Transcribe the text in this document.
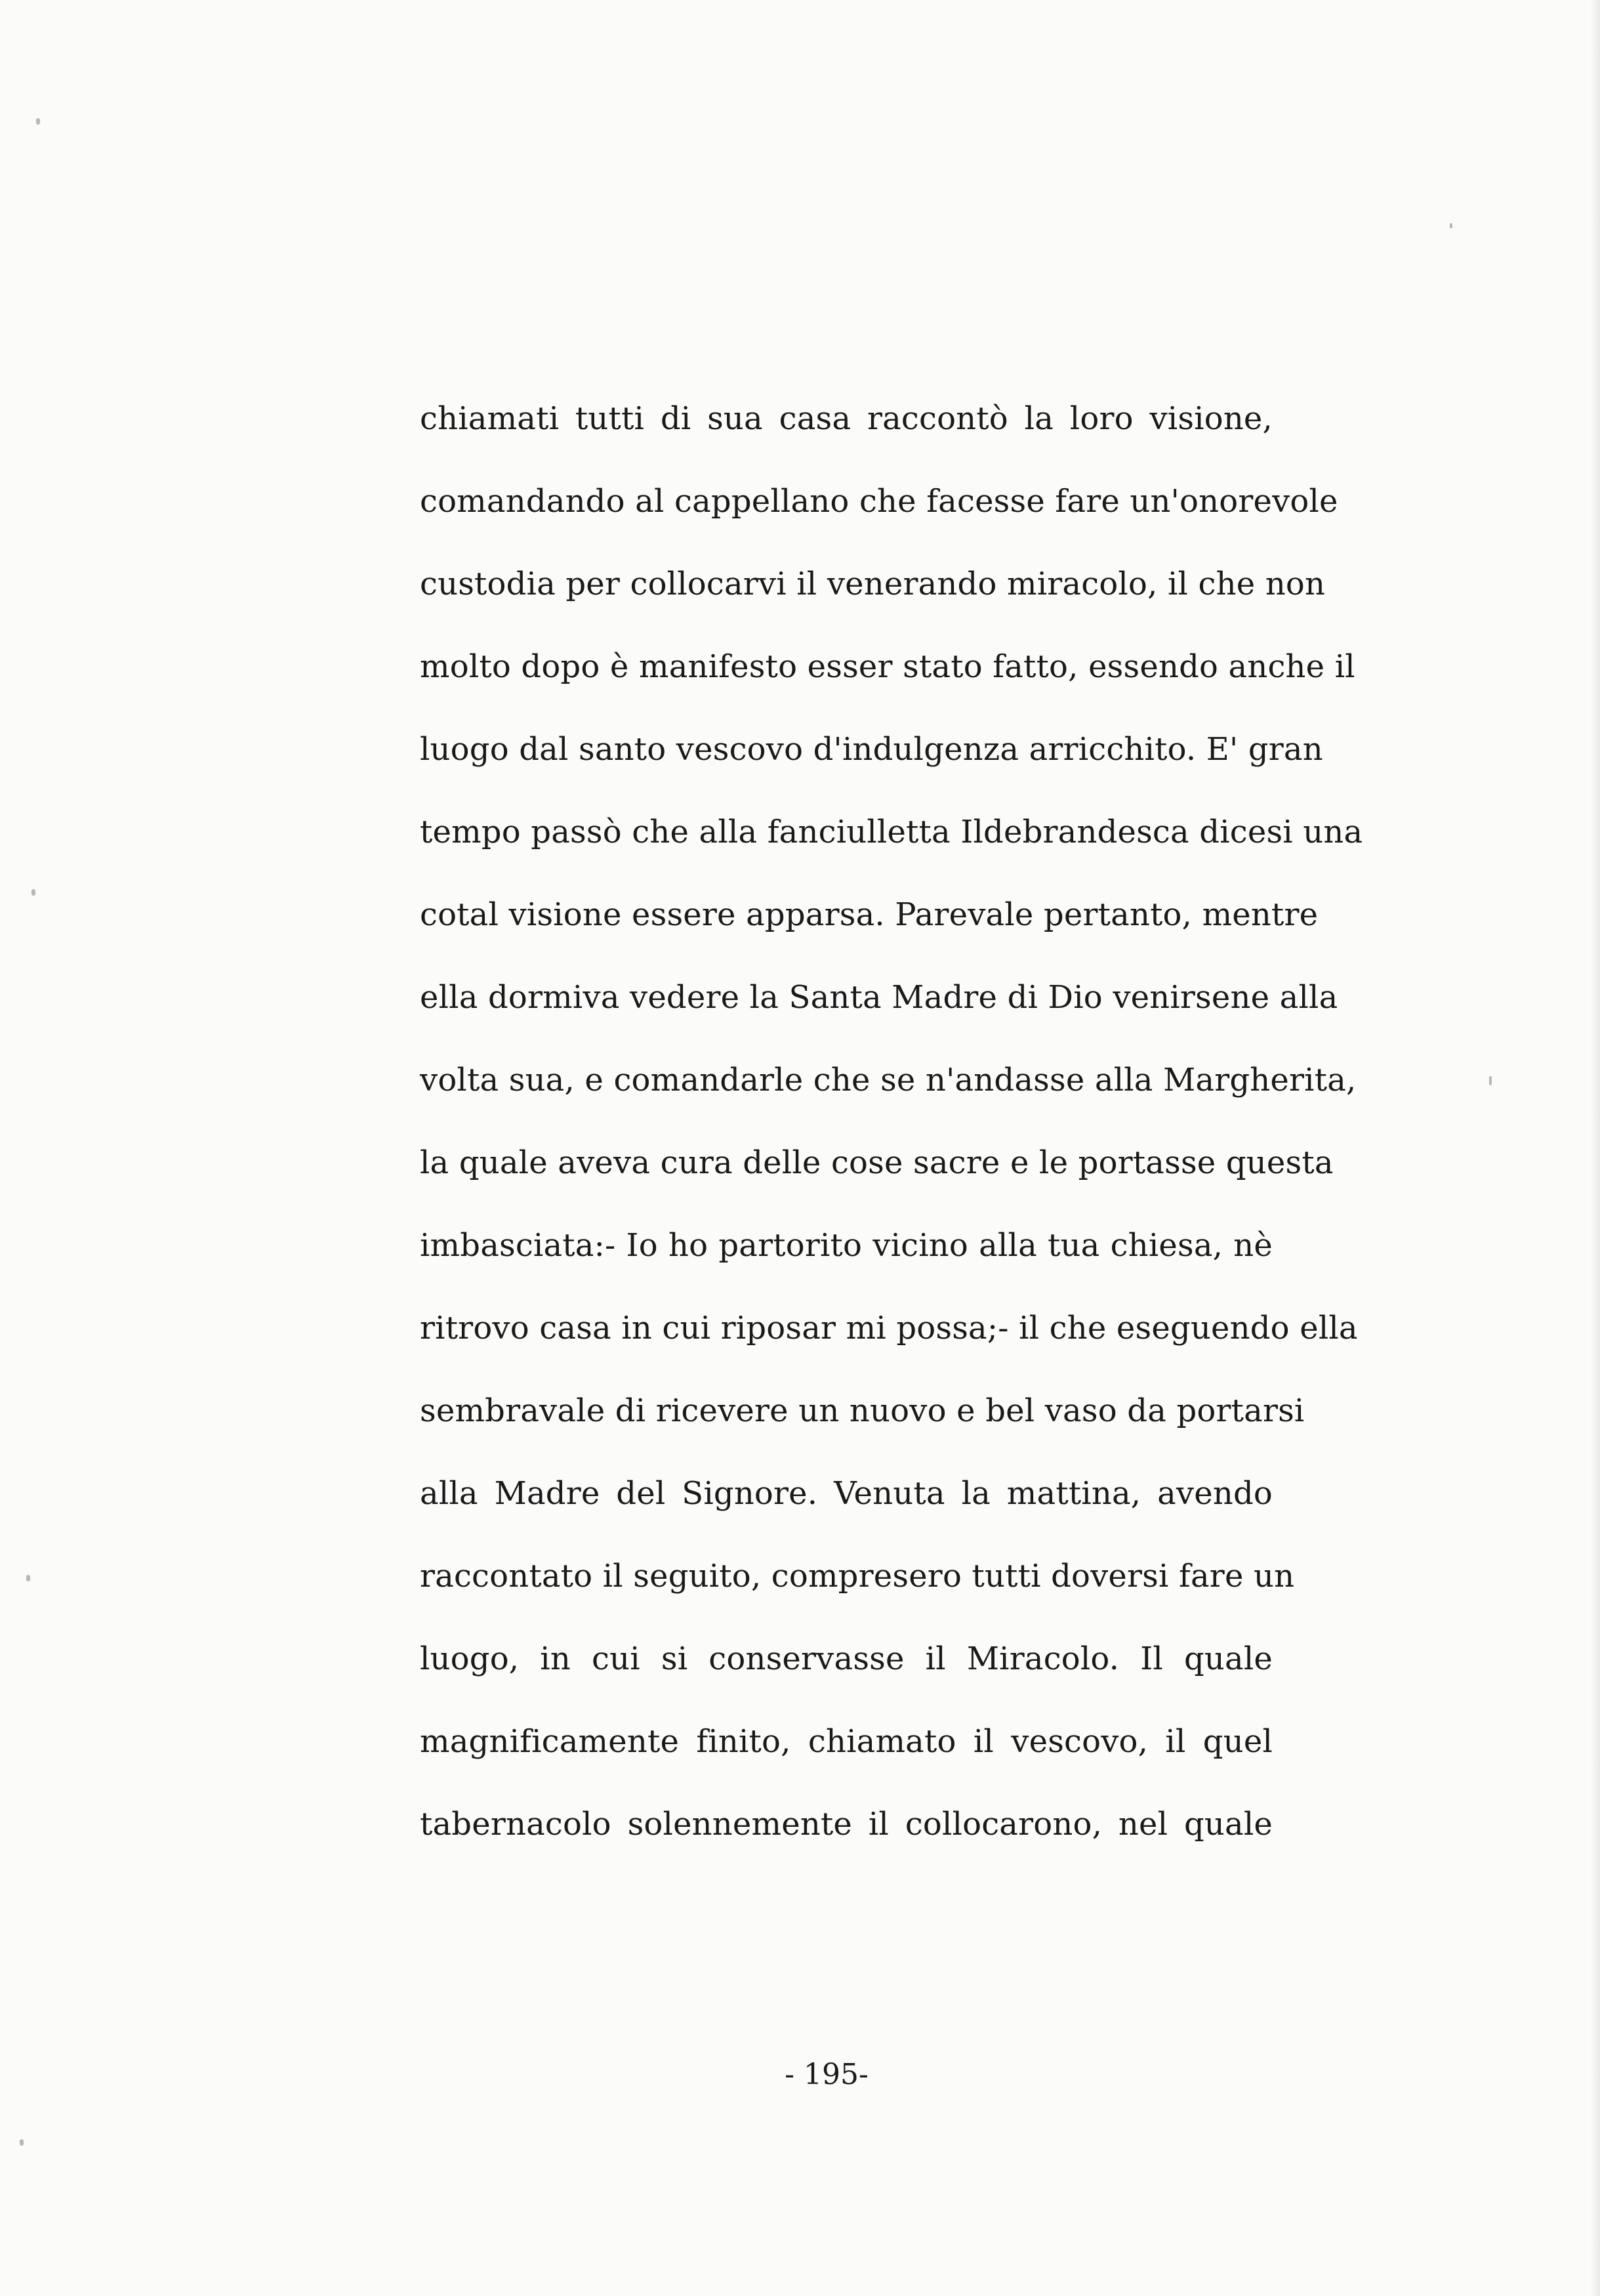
chiamati tutti di sua casa raccontò la loro visione,
comandando al cappellano che facesse fare un'onorevole
custodia per collocarvi il venerando miracolo, il che non
molto dopo è manifesto esser stato fatto, essendo anche il
luogo dal santo vescovo d'indulgenza arricchito. E' gran
tempo passò che alla fanciulletta Ildebrandesca dicesi una
cotal visione essere apparsa. Parevale pertanto, mentre
ella dormiva vedere la Santa Madre di Dio venirsene alla
volta sua, e comandarle che se n'andasse alla Margherita,
la quale aveva cura delle cose sacre e le portasse questa
imbasciata:- Io ho partorito vicino alla tua chiesa, nè
ritrovo casa in cui riposar mi possa;- il che eseguendo ella
sembravale di ricevere un nuovo e bel vaso da portarsi
alla Madre del Signore. Venuta la mattina, avendo
raccontato il seguito, compresero tutti doversi fare un
luogo, in cui si conservasse il Miracolo. Il quale
magnificamente finito, chiamato il vescovo, il quel
tabernacolo solennemente il collocarono, nel quale
- 195-
